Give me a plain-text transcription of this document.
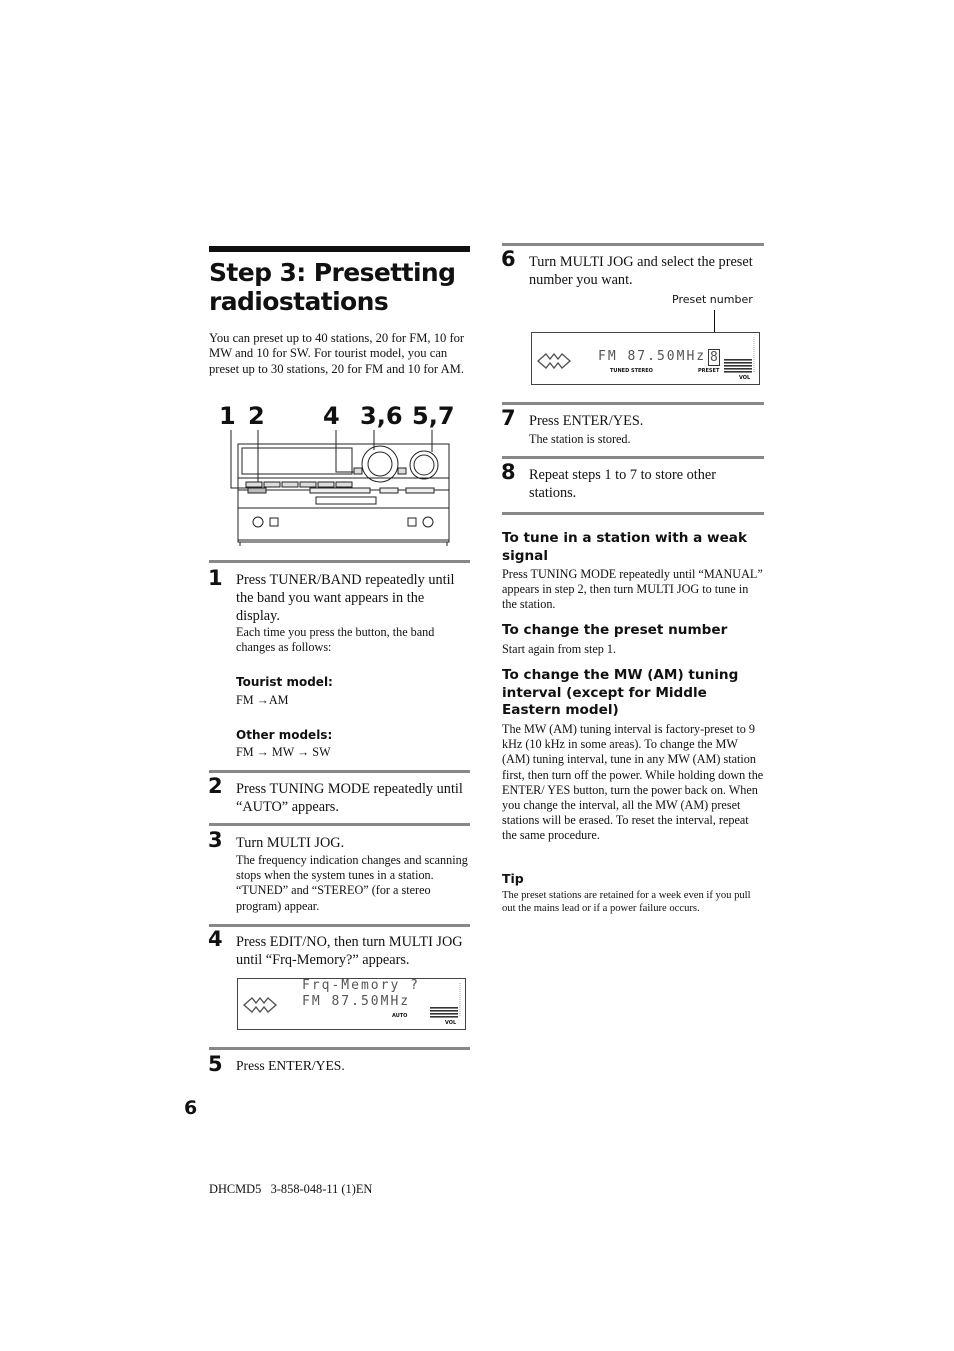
Step 3: Presetting
radiostations
You can preset up to 40 stations, 20 for FM, 10 for MW and 10 for SW. For tourist model, you can preset up to 30 stations, 20 for FM and 10 for AM.
1 2 4 3,6 5,7
1 Press TUNER/BAND repeatedly until the band you want appears in the display.
Each time you press the button, the band changes as follows:
Tourist model:
FM →AM
Other models:
FM → MW → SW
2 Press TUNING MODE repeatedly until “AUTO” appears.
3 Turn MULTI JOG.
The frequency indication changes and scanning stops when the system tunes in a station. “TUNED” and “STEREO” (for a stereo program) appear.
4 Press EDIT/NO, then turn MULTI JOG until “Frq-Memory?” appears.
Frq-Memory ?
FM 87.50MHz
AUTO
VOL
5 Press ENTER/YES.
6
DHCMD5   3-858-048-11 (1)EN
6 Turn MULTI JOG and select the preset number you want.
Preset number
FM 87.50MHz 8
TUNED STEREO	PRESET
VOL
7 Press ENTER/YES.
The station is stored.
8 Repeat steps 1 to 7 to store other stations.
To tune in a station with a weak signal
Press TUNING MODE repeatedly until “MANUAL” appears in step 2, then turn MULTI JOG to tune in the station.
To change the preset number
Start again from step 1.
To change the MW (AM) tuning interval (except for Middle Eastern model)
The MW (AM) tuning interval is factory-preset to 9 kHz (10 kHz in some areas). To change the MW (AM) tuning interval, tune in any MW (AM) station first, then turn off the power. While holding down the ENTER/ YES button, turn the power back on. When you change the interval, all the MW (AM) preset stations will be erased. To reset the interval, repeat the same procedure.
Tip
The preset stations are retained for a week even if you pull out the mains lead or if a power failure occurs.
